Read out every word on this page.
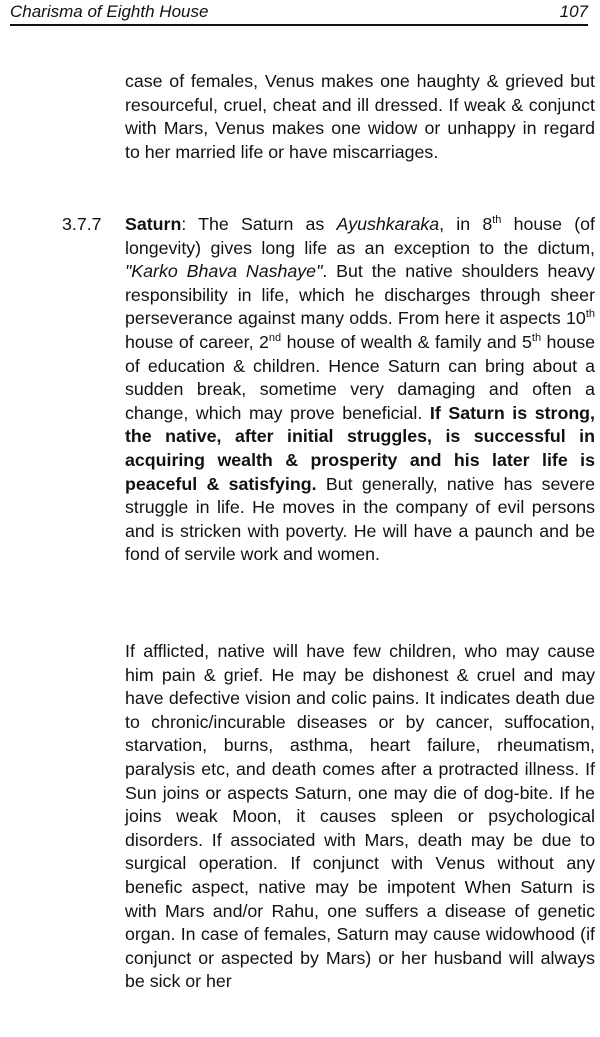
Charisma of Eighth House	107

case of females, Venus makes one haughty & grieved but resourceful, cruel, cheat and ill dressed. If weak & conjunct with Mars, Venus makes one widow or unhappy in regard to her married life or have miscarriages.

3.7.7 Saturn: The Saturn as Ayushkaraka, in 8th house (of longevity) gives long life as an exception to the dictum, "Karko Bhava Nashaye". But the native shoulders heavy responsibility in life, which he discharges through sheer perseverance against many odds. From here it aspects 10th house of career, 2nd house of wealth & family and 5th house of education & children. Hence Saturn can bring about a sudden break, sometime very damaging and often a change, which may prove beneficial. If Saturn is strong, the native, after initial struggles, is successful in acquiring wealth & prosperity and his later life is peaceful & satisfying. But generally, native has severe struggle in life. He moves in the company of evil persons and is stricken with poverty. He will have a paunch and be fond of servile work and women.

If afflicted, native will have few children, who may cause him pain & grief. He may be dishonest & cruel and may have defective vision and colic pains. It indicates death due to chronic/incurable diseases or by cancer, suffocation, starvation, burns, asthma, heart failure, rheumatism, paralysis etc, and death comes after a protracted illness. If Sun joins or aspects Saturn, one may die of dog-bite. If he joins weak Moon, it causes spleen or psychological disorders. If associated with Mars, death may be due to surgical operation. If conjunct with Venus without any benefic aspect, native may be impotent When Saturn is with Mars and/or Rahu, one suffers a disease of genetic organ. In case of females, Saturn may cause widowhood (if conjunct or aspected by Mars) or her husband will always be sick or her
